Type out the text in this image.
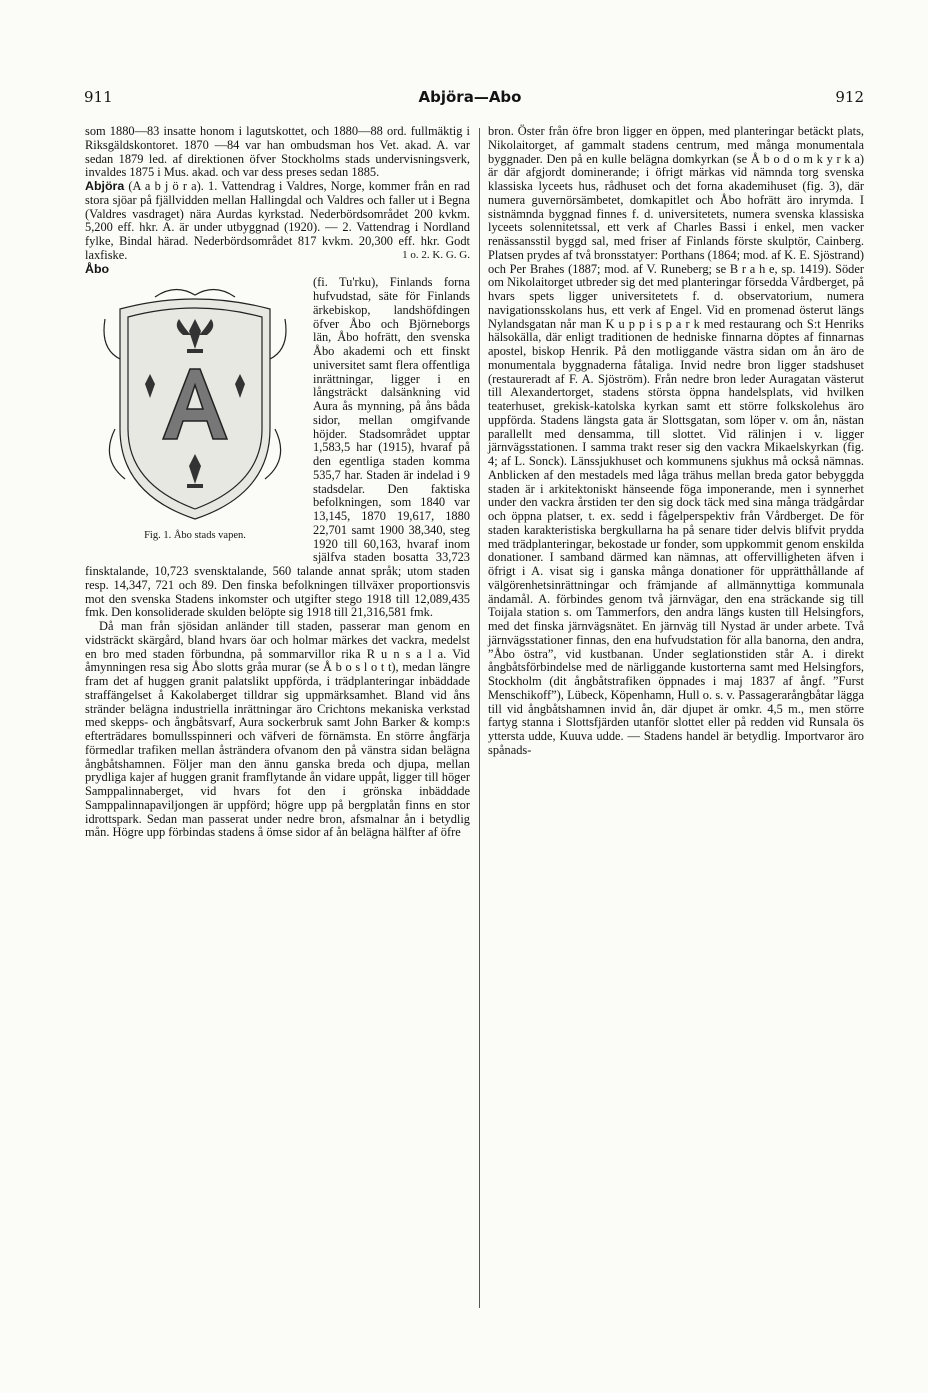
911	Abjöra—Abo	912

som 1880—83 insatte honom i lagutskottet, och 1880—88 ord. fullmäktig i Riksgäldskontoret. 1870 —84 var han ombudsman hos Vet. akad. A. var sedan 1879 led. af direktionen öfver Stockholms stads undervisningsverk, invaldes 1875 i Mus. akad. och var dess preses sedan 1885.

Abjöra (A a b j ö r a). 1. Vattendrag i Valdres, Norge, kommer från en rad stora sjöar på fjällvidden mellan Hallingdal och Valdres och faller ut i Begna (Valdres vasdraget) nära Aurdas kyrkstad. Nederbördsområdet 200 kvkm. 5,200 eff. hkr. A. är under utbyggnad (1920). — 2. Vattendrag i Nordland fylke, Bindal härad. Nederbördsområdet 817 kvkm. 20,300 eff. hkr. Godt laxfiske.	1 o. 2. K. G. G.

Åbo

Fig. 1. Åbo stads vapen.

(fi. Tu'rku), Finlands forna hufvudstad, säte för Finlands ärkebiskop, landshöfdingen öfver Åbo och Björneborgs län, Åbo hofrätt, den svenska Åbo akademi och ett finskt universitet samt flera offentliga inrättningar, ligger i en långsträckt dalsänkning vid Aura ås mynning, på åns båda sidor, mellan omgifvande höjder. Stadsområdet upptar 1,583,5 har (1915), hvaraf på den egentliga staden komma 535,7 har. Staden är indelad i 9 stadsdelar. Den faktiska befolkningen, som 1840 var 13,145, 1870 19,617, 1880 22,701 samt 1900 38,340, steg 1920 till 60,163, hvaraf inom själfva staden bosatta 33,723 finsktalande, 10,723 svensktalande, 560 talande annat språk; utom staden resp. 14,347, 721 och 89. Den finska befolkningen tillväxer proportionsvis mot den svenska Stadens inkomster och utgifter stego 1918 till 12,089,435 fmk. Den konsoliderade skulden belöpte sig 1918 till 21,316,581 fmk.

Då man från sjösidan anländer till staden, passerar man genom en vidsträckt skärgård, bland hvars öar och holmar märkes det vackra, medelst en bro med staden förbundna, på sommarvillor rika R u n s a l a. Vid åmynningen resa sig Åbo slotts gråa murar (se Å b o s l o t t), medan längre fram det af huggen granit palatslikt uppförda, i trädplanteringar inbäddade straffängelset å Kakolaberget tilldrar sig uppmärksamhet. Bland vid åns stränder belägna industriella inrättningar äro Crichtons mekaniska verkstad med skepps- och ångbåtsvarf, Aura sockerbruk samt John Barker & komp:s efterträdares bomullsspinneri och väfveri de förnämsta. En större ångfärja förmedlar trafiken mellan åsträndera ofvanom den på vänstra sidan belägna ångbåtshamnen. Följer man den ännu ganska breda och djupa, mellan prydliga kajer af huggen granit framflytande ån vidare uppåt, ligger till höger Samppalinnaberget, vid hvars fot den i grönska inbäddade Samppalinnapaviljongen är uppförd; högre upp på bergplatån finns en stor idrottspark. Sedan man passerat under nedre bron, afsmalnar ån i betydlig mån. Högre upp förbindas stadens å ömse sidor af ån belägna hälfter af öfre

bron. Öster från öfre bron ligger en öppen, med planteringar betäckt plats, Nikolaitorget, af gammalt stadens centrum, med många monumentala byggnader. Den på en kulle belägna domkyrkan (se Å b o d o m k y r k a) är där afgjordt dominerande; i öfrigt märkas vid nämnda torg svenska klassiska lyceets hus, rådhuset och det forna akademihuset (fig. 3), där numera guvernörsämbetet, domkapitlet och Åbo hofrätt äro inrymda. I sistnämnda byggnad finnes f. d. universitetets, numera svenska klassiska lyceets solennitetssal, ett verk af Charles Bassi i enkel, men vacker renässansstil byggd sal, med friser af Finlands förste skulptör, Cainberg. Platsen prydes af två bronsstatyer: Porthans (1864; mod. af K. E. Sjöstrand) och Per Brahes (1887; mod. af V. Runeberg; se B r a h e, sp. 1419). Söder om Nikolaitorget utbreder sig det med planteringar försedda Vårdberget, på hvars spets ligger universitetets f. d. observatorium, numera navigationsskolans hus, ett verk af Engel. Vid en promenad österut längs Nylandsgatan når man K u p p i s p a r k med restaurang och S:t Henriks hälsokälla, där enligt traditionen de hedniske finnarna döptes af finnarnas apostel, biskop Henrik. På den motliggande västra sidan om ån äro de monumentala byggnaderna fåtaliga. Invid nedre bron ligger stadshuset (restaureradt af F. A. Sjöström). Från nedre bron leder Auragatan västerut till Alexandertorget, stadens största öppna handelsplats, vid hvilken teaterhuset, grekisk-katolska kyrkan samt ett större folkskolehus äro uppförda. Stadens längsta gata är Slottsgatan, som löper v. om ån, nästan parallellt med densamma, till slottet. Vid rälinjen i v. ligger järnvägsstationen. I samma trakt reser sig den vackra Mikaelskyrkan (fig. 4; af L. Sonck). Länssjukhuset och kommunens sjukhus må också nämnas. Anblicken af den mestadels med låga trähus mellan breda gator bebyggda staden är i arkitektoniskt hänseende föga imponerande, men i synnerhet under den vackra årstiden ter den sig dock täck med sina många trädgårdar och öppna platser, t. ex. sedd i fågelperspektiv från Vårdberget. De för staden karakteristiska bergkullarna ha på senare tider delvis blifvit prydda med trädplanteringar, bekostade ur fonder, som uppkommit genom enskilda donationer. I samband därmed kan nämnas, att offervilligheten äfven i öfrigt i A. visat sig i ganska många donationer för upprätthållande af välgörenhetsinrättningar och främjande af allmännyttiga kommunala ändamål. A. förbindes genom två järnvägar, den ena sträckande sig till Toijala station s. om Tammerfors, den andra längs kusten till Helsingfors, med det finska järnvägsnätet. En järnväg till Nystad är under arbete. Två järnvägsstationer finnas, den ena hufvudstation för alla banorna, den andra, ”Åbo östra”, vid kustbanan. Under seglationstiden står A. i direkt ångbåtsförbindelse med de närliggande kustorterna samt med Helsingfors, Stockholm (dit ångbåtstrafiken öppnades i maj 1837 af ångf. ”Furst Menschikoff”), Lübeck, Köpenhamn, Hull o. s. v. Passagerarångbåtar lägga till vid ångbåtshamnen invid ån, där djupet är omkr. 4,5 m., men större fartyg stanna i Slottsfjärden utanför slottet eller på redden vid Runsala ös yttersta udde, Kuuva udde. — Stadens handel är betydlig. Importvaror äro spånads-
